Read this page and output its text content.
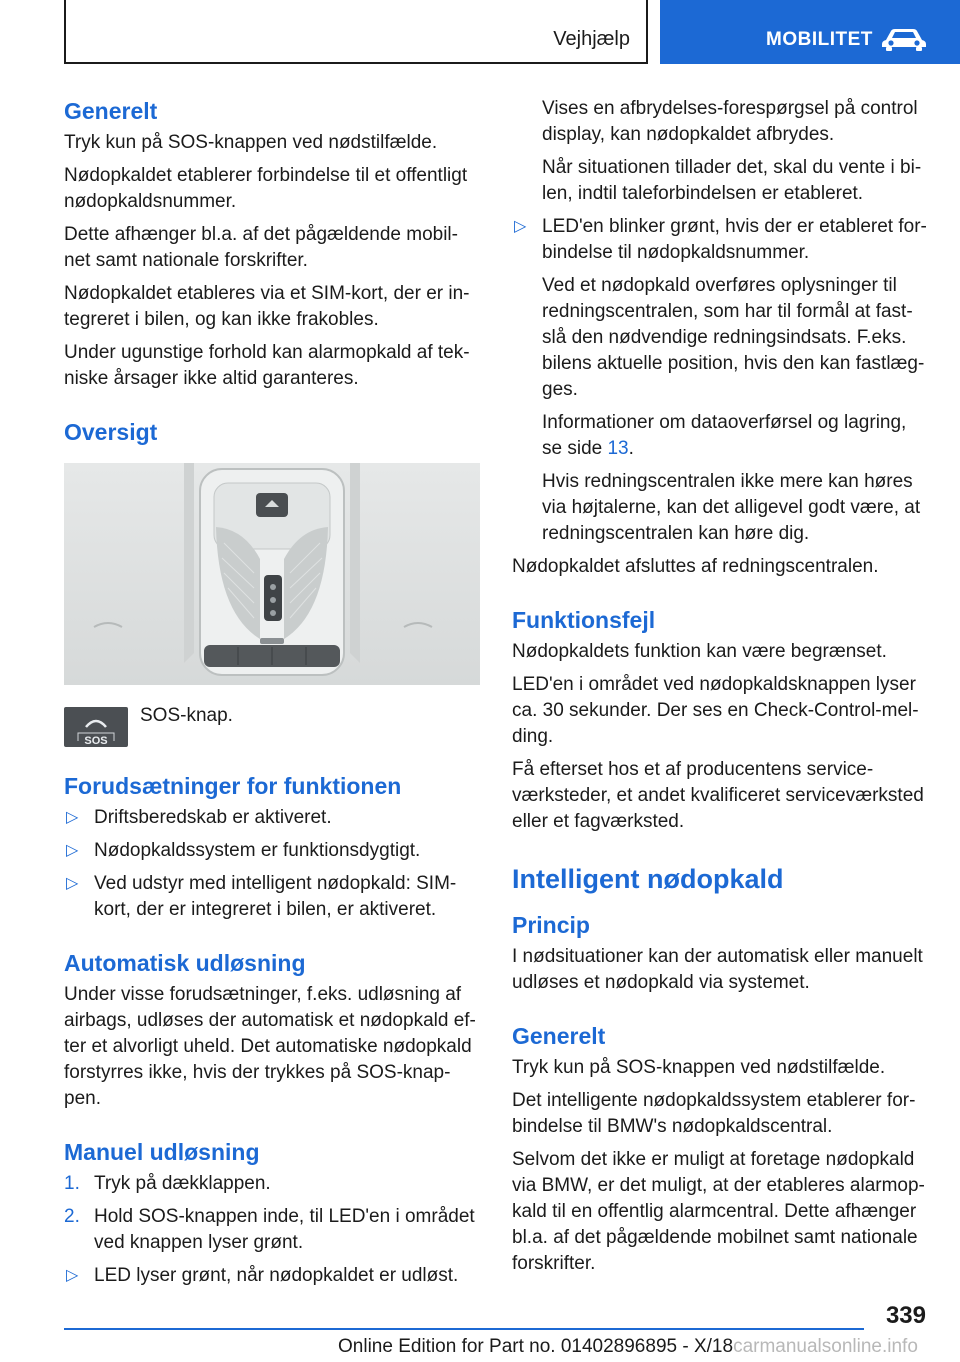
Vejhjælp	MOBILITET
Generelt
Tryk kun på SOS-knappen ved nødstilfælde.
Nødopkaldet etablerer forbindelse til et offentligt nødopkaldsnummer.
Dette afhænger bl.a. af det pågældende mobil-net samt nationale forskrifter.
Nødopkaldet etableres via et SIM-kort, der er in-tegreret i bilen, og kan ikke frakobles.
Under ugunstige forhold kan alarmopkald af tek-niske årsager ikke altid garanteres.
Oversigt
SOS
SOS-knap.
Forudsætninger for funktionen
▷ Driftsberedskab er aktiveret.
▷ Nødopkaldssystem er funktionsdygtigt.
▷ Ved udstyr med intelligent nødopkald: SIM-kort, der er integreret i bilen, er aktiveret.
Automatisk udløsning
Under visse forudsætninger, f.eks. udløsning af airbags, udløses der automatisk et nødopkald ef-ter et alvorligt uheld. Det automatiske nødopkald forstyrres ikke, hvis der trykkes på SOS-knap-pen.
Manuel udløsning
1. Tryk på dækklappen.
2. Hold SOS-knappen inde, til LED'en i området ved knappen lyser grønt.
▷ LED lyser grønt, når nødopkaldet er udløst.
Vises en afbrydelses-forespørgsel på control display, kan nødopkaldet afbrydes.
Når situationen tillader det, skal du vente i bi-len, indtil taleforbindelsen er etableret.
▷ LED'en blinker grønt, hvis der er etableret for-bindelse til nødopkaldsnummer.
Ved et nødopkald overføres oplysninger til redningscentralen, som har til formål at fast-slå den nødvendige redningsindsats. F.eks. bilens aktuelle position, hvis den kan fastlæg-ges.
Informationer om dataoverførsel og lagring, se side 13.
Hvis redningscentralen ikke mere kan høres via højtalerne, kan det alligevel godt være, at redningscentralen kan høre dig.
Nødopkaldet afsluttes af redningscentralen.
Funktionsfejl
Nødopkaldets funktion kan være begrænset.
LED'en i området ved nødopkaldsknappen lyser ca. 30 sekunder. Der ses en Check-Control-mel-ding.
Få efterset hos et af producentens service-værksteder, et andet kvalificeret serviceværksted eller et fagværksted.
Intelligent nødopkald
Princip
I nødsituationer kan der automatisk eller manuelt udløses et nødopkald via systemet.
Generelt
Tryk kun på SOS-knappen ved nødstilfælde.
Det intelligente nødopkaldssystem etablerer for-bindelse til BMW's nødopkaldscentral.
Selvom det ikke er muligt at foretage nødopkald via BMW, er det muligt, at der etableres alarmop-kald til en offentlig alarmcentral. Dette afhænger bl.a. af det pågældende mobilnet samt nationale forskrifter.
339
Online Edition for Part no. 01402896895 - X/18carmanualsonline.info
